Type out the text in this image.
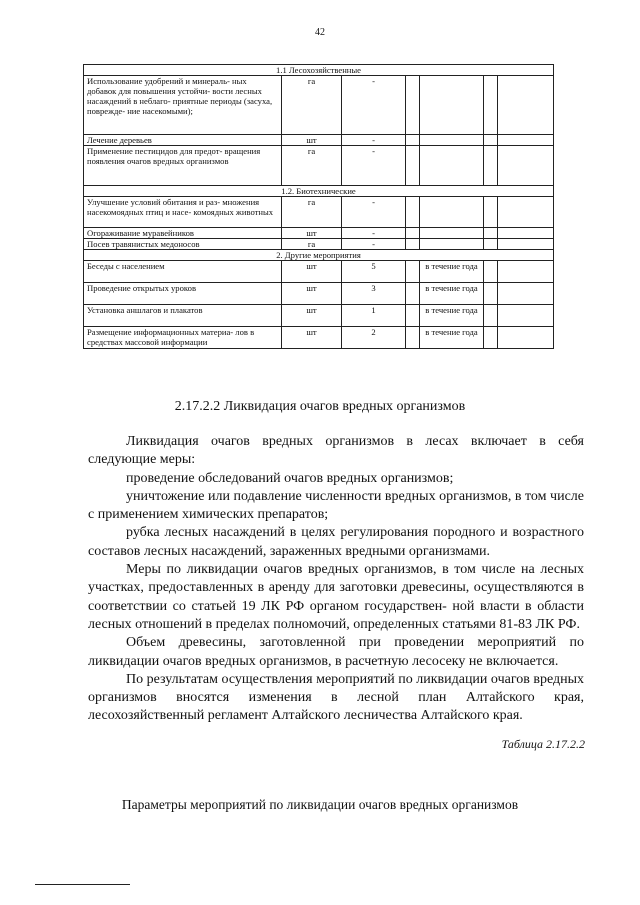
42
1.1 Лесохозяйственные						
Использование удобрений и минераль- ных добавок для повышения устойчи- вости лесных насаждений в неблаго- приятные периоды (засуха, поврежде- ние насекомыми);	га	-				
Лечение деревьев	шт	-				
Применение пестицидов для предот- вращения появления очагов вредных организмов	га	-				
1.2. Биотехнические						
Улучшение условий обитания и раз- множения насекомоядных птиц и насе- комоядных животных	га	-				
Огораживание муравейников	шт	-				
Посев травянистых медоносов	га	-				
2. Другие мероприятия						
Беседы с населением	шт	5		в течение года		
Проведение открытых уроков	шт	3		в течение года		
Установка аншлагов и плакатов	шт	1		в течение года		
Размещение информационных материа- лов в средствах массовой информации	шт	2		в течение года		
2.17.2.2 Ликвидация очагов вредных организмов

Ликвидация очагов вредных организмов в лесах включает в себя следующие меры:

проведение обследований очагов вредных организмов;

уничтожение или подавление численности вредных организмов, в том числе с применением химических препаратов;

рубка лесных насаждений в целях регулирования породного и возрастного составов лесных насаждений, зараженных вредными организмами.

Меры по ликвидации очагов вредных организмов, в том числе на лесных участках, предоставленных в аренду для заготовки древесины, осуществляются в соответствии со статьей 19 ЛК РФ органом государствен- ной власти в области лесных отношений в пределах полномочий, определенных статьями 81-83 ЛК РФ.

Объем древесины, заготовленной при проведении мероприятий по ликвидации очагов вредных организмов, в расчетную лесосеку не включается.

По результатам осуществления мероприятий по ликвидации очагов вредных организмов вносятся изменения в лесной план Алтайского края, лесохозяйственный регламент Алтайского лесничества Алтайского края.

Таблица 2.17.2.2
Параметры мероприятий по ликвидации очагов вредных организмов
